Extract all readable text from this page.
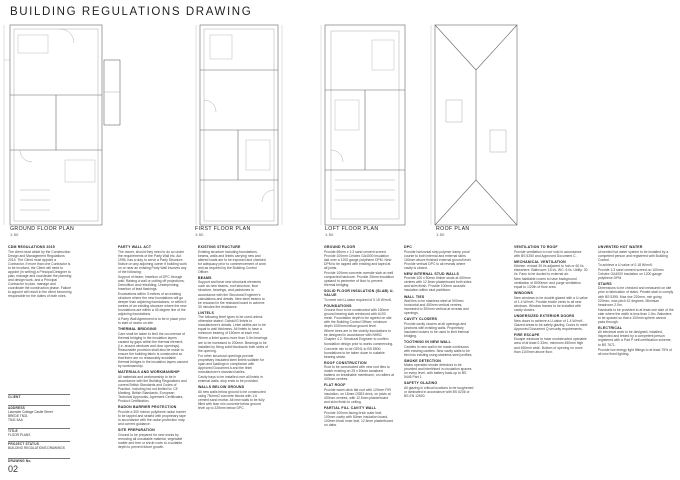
BUILDING REGULATIONS DRAWING
GROUND FLOOR PLAN
1:50
FIRST FLOOR PLAN
1:50
LOFT FLOOR PLAN
1:50
ROOF PLAN
1:50
CDM REGULATIONS 2015

The client must abide by the Construction Design and Management Regulations 2015. The Client must appoint a Contractor. If more than one Contractor is to be involved, the Client will need to appoint (in writing) a Principal Designer to plan, manage and coordinate the planning and design work, and a Principal Contractor to plan, manage and coordinate the construction phase. Failure to appoint will result in the client becoming responsible for the duties of both roles.

CLIENT
ADDRESS
Lavender Cottage Castle Street
BREDE TN31
TN31 6AA
TITLE
FLOOR PLANS
PROJECT STATUS
BUILDING REGULATIONS DRAWINGS
DRAWING No.
02
PARTY WALL ACT

The owner, should they need to do so under the requirements of the Party Wall etc. Act 1996, has a duty to serve a Party Structure Notice on any adjoining owner if building work on or near an existing Party Wall involves any of the following:

Support of beam; Insertion of DPC through wall; Raising a wall or cutting off projections; Demolition and rebuilding; Underpinning; Insertion of lead flashings.

Excavations within 3 metres of an existing structure where the new foundations will go deeper than adjoining foundations, or within 6 metres of an existing structure where the new foundations are within a 45 degree line of the adjoining foundations.

A Party Wall Agreement is to be in place prior to start of works on site.

THERMAL BRIDGING

Care shall be taken to limit the occurrence of thermal bridging in the insulation layers caused by gaps within the thermal element, (i.e. around windows and door openings). Reasonable provision shall also be made to ensure the building fabric is constructed so that there are no reasonably avoidable thermal bridges in the insulation layers caused by workmanship.

MATERIALS AND WORKMANSHIP

All materials and workmanship to be in accordance with the Building Regulations and current British Standards and Codes of Practice, including but not limited to: CE Marking, British Standards, European Technical Approvals, Agrément Certificates, Product Certification.

RADON BARRIER PROTECTION

Provide a 300 micron polythene radon barrier to be lapped and sealed with proprietary tape in accordance with the radon protection map and current guidance.

SITE PREPARATION

Ground to be prepared for new works by removing all unsuitable material, vegetable matter and tree or shrub roots to a suitable depth to prevent future growth.

EXISTING STRUCTURE

Existing structure including foundations, beams, walls and lintels carrying new and altered loads are to be exposed and checked for adequacy prior to commencement of work and as required by the Building Control Officer.

BEAMS

Support and bear new structural elements such as new beams, roof structure, floor structure, bearings, and padstones in accordance with the Structural Engineer's calculations and details. New steel beams to be encased in fire resistant board to achieve 30 minutes fire resistance.

LINTELS

The following lintel types to be used unless otherwise stated: Catnic/IG lintels to manufacturer's details. Lintel widths are to be equal to wall thickness. All lintels to have a minimum bearing of 150mm at each end.

Where a lintel spans more than 3.0m bearings are to be increased to 200mm. Bearings to be installed by fixing solid blockwork both sides of the opening.

For other structural openings provide proprietary insulated steel lintels suitable for span and loadings in compliance with Approved Document A and the lintel manufacturer's standard tables.

Cavity trays to be installed over all lintels in external walls, stop ends to be provided.

WALLS BELOW GROUND

All new walls below ground to be constructed using 7N/mm2 concrete blocks with 1:6 cement:sand mortar. All new walls to be fully filled with lean mix concrete below ground level up to 225mm below DPC.

GROUND FLOOR

Provide 65mm x 1:3 sand cement screed. Provide 100mm Celotex GA4000 insulation laid over a 1200 gauge polythene DPM. New DPM to be lapped with existing and taped at all joints.

Provide 100mm concrete oversite slab on well compacted hardcore. Provide 25mm insulation upstand to perimeter of floor to prevent thermal bridging.

SOLID FLOOR INSULATION (SLAB) U-VALUE

To meet min U-value required of 0.18 W/m²K.

FOUNDATIONS

Ground floor to be constructed with 150mm ground bearing slab reinforced with A193 mesh. Foundation depth to be agreed on site with the Building Control Officer; minimum depth 1000mm below ground level.

Where trees are in the vicinity foundations to be designed in accordance with NHBC Chapter 4.2. Structural Engineer to confirm foundation design prior to works commencing.

Concrete mix to be GEN1 to BS 8500; foundations to be taken down to suitable bearing strata.

ROOF CONSTRUCTION

Roof to be constructed with new roof tiles to match existing on 25 x 50mm tanalised battens on breathable membrane, on rafters at 400mm centres.

FLAT ROOF

Provide warm deck flat roof with 120mm PIR insulation, on 18mm OSB3 deck, on joists at 400mm centres, with 12.5mm plasterboard and skim finish to ceiling.

PARTIAL FILL CAVITY WALL

Provide 100mm facing brick outer leaf, 100mm cavity with 50mm insulation board, 100mm block inner leaf, 12.5mm plasterboard on dabs.

DPC

Provide horizontal strip polymer damp proof course to both internal and external skins 150mm above finished external ground level. Provide vertical DPC to all reveals where cavity is closed.

NEW INTERNAL STUD WALLS

Provide 100 x 50mm timber studs at 400mm centres with 12.5mm plasterboard both sides and skim finish. Provide 100mm acoustic insulation within stud partitions.

WALL TIES

Wall ties to be stainless steel at 900mm horizontal and 450mm vertical centres, increased to 300mm vertical at reveals and openings.

CAVITY CLOSERS

Provide cavity closers at all openings and junctions with existing walls. Proprietary insulated closers to be used to limit thermal bridging.

TOOTHING IN NEW WALL

Cavities in new wall to be made continuous with existing cavities. New cavity walls to be tied into existing using stainless steel profiles.

SMOKE DETECTION

Mains operated smoke detectors to be provided and interlinked in circulation spaces on every level, with battery back-up to BS 5446 Part 1.

SAFETY GLAZING

All glazing in critical locations to be toughened or laminated in accordance with BS 6206 or BS EN 12600.

VENTILATION TO ROOF

Provide ventilation to roof void in accordance with BS 5250 and Approved Document C.

MECHANICAL VENTILATION

Kitchen: extract 30 l/s adjacent to hob or 60 l/s elsewhere. Bathroom: 15 l/s. WC: 6 l/s. Utility: 30 l/s. Fans to be ducted to external air.

New habitable rooms to have background ventilation of 8000mm² and purge ventilation equal to 1/20th of floor area.

WINDOWS

New windows to be double glazed with a U-value of 1.4 W/m²K. Provide trickle vents to all new windows. Window frames to be installed with cavity closers.

UNDERSIZED EXTERIOR DOORS

New doors to achieve a U-value of 1.4 W/m²K. Glazed areas to be safety glazing. Doors to meet Approved Document Q security requirements.

FIRE ESCAPE

Escape windows to have unobstructed openable area of at least 0.33m², minimum 450mm high and 450mm wide. Bottom of opening no more than 1100mm above floor.

UNVENTED HOT WATER

Unvented hot water system to be installed by a competent person and registered with Building Control.

To achieve a U-value of 0.18 W/m²K.

Provide 1:3 sand cement screed on 100mm Celotex GA4000 insulation on 1200 gauge polythene DPM.

STAIRS

Dimensions to be checked and measured on site prior to fabrication of stairs. Private stair to comply with BS 5395. Max rise 220mm, min going 220mm, max pitch 42 degrees. Minimum headroom 2.0m.

Handrails to be provided to at least one side of the stair where the width is less than 1.0m. Balusters to be spaced so that a 100mm sphere cannot pass through.

ELECTRICAL

All electrical work to be designed, installed, inspected and tested by a competent person registered with a Part P self-certification scheme, to BS 7671.

Provide low energy light fittings to at least 75% of all new fixed lighting.
